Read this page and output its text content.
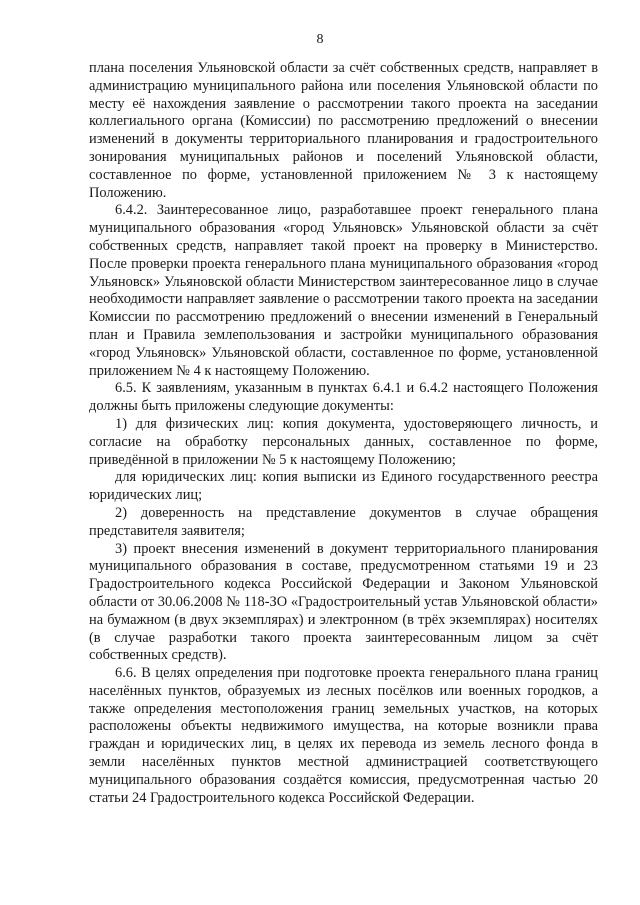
8

плана поселения Ульяновской области за счёт собственных средств, направляет в администрацию муниципального района или поселения Ульяновской области по месту её нахождения заявление о рассмотрении такого проекта на заседании коллегиального органа (Комиссии) по рассмотрению предложений о внесении изменений в документы территориального планирования и градостроительного зонирования муниципальных районов и поселений Ульяновской области, составленное по форме, установленной приложением № 3 к настоящему Положению.

6.4.2. Заинтересованное лицо, разработавшее проект генерального плана муниципального образования «город Ульяновск» Ульяновской области за счёт собственных средств, направляет такой проект на проверку в Министерство. После проверки проекта генерального плана муниципального образования «город Ульяновск» Ульяновской области Министерством заинтересованное лицо в случае необходимости направляет заявление о рассмотрении такого проекта на заседании Комиссии по рассмотрению предложений о внесении изменений в Генеральный план и Правила землепользования и застройки муниципального образования «город Ульяновск» Ульяновской области, составленное по форме, установленной приложением № 4 к настоящему Положению.

6.5. К заявлениям, указанным в пунктах 6.4.1 и 6.4.2 настоящего Положения должны быть приложены следующие документы:

1) для физических лиц: копия документа, удостоверяющего личность, и согласие на обработку персональных данных, составленное по форме, приведённой в приложении № 5 к настоящему Положению;

для юридических лиц: копия выписки из Единого государственного реестра юридических лиц;

2) доверенность на представление документов в случае обращения представителя заявителя;

3) проект внесения изменений в документ территориального планирования муниципального образования в составе, предусмотренном статьями 19 и 23 Градостроительного кодекса Российской Федерации и Законом Ульяновской области от 30.06.2008 № 118-ЗО «Градостроительный устав Ульяновской области» на бумажном (в двух экземплярах) и электронном (в трёх экземплярах) носителях (в случае разработки такого проекта заинтересованным лицом за счёт собственных средств).

6.6. В целях определения при подготовке проекта генерального плана границ населённых пунктов, образуемых из лесных посёлков или военных городков, а также определения местоположения границ земельных участков, на которых расположены объекты недвижимого имущества, на которые возникли права граждан и юридических лиц, в целях их перевода из земель лесного фонда в земли населённых пунктов местной администрацией соответствующего муниципального образования создаётся комиссия, предусмотренная частью 20 статьи 24 Градостроительного кодекса Российской Федерации.
